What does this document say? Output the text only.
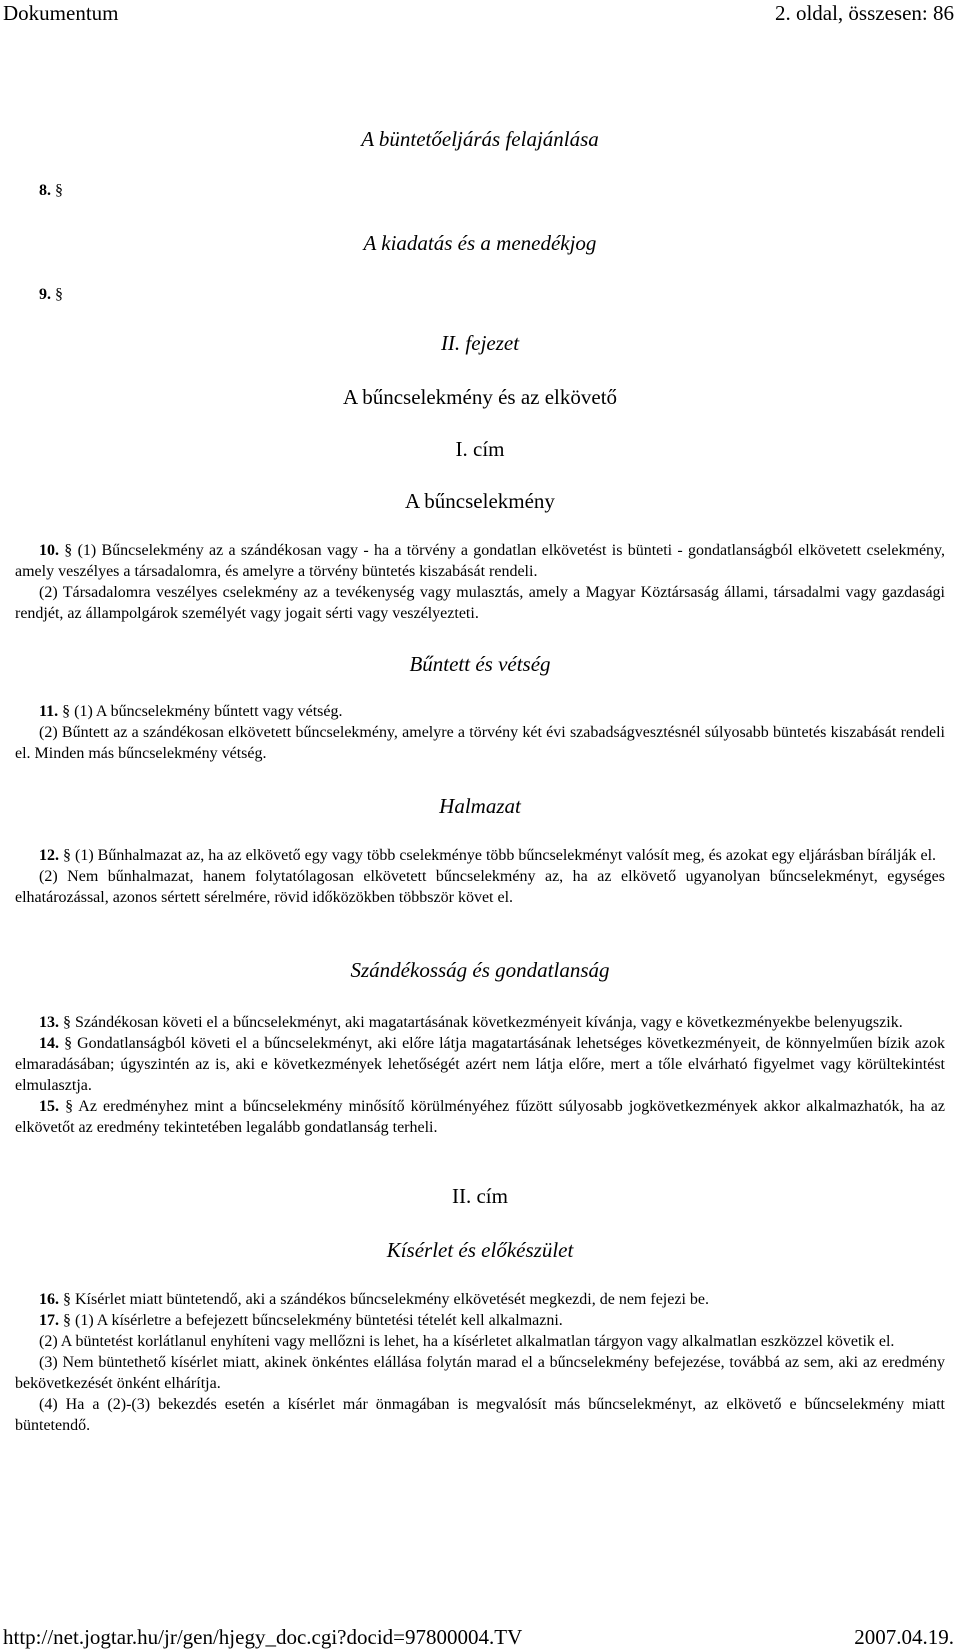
Dokumentum	2. oldal, összesen: 86
A büntetőeljárás felajánlása
8. §
A kiadatás és a menedékjog
9. §
II. fejezet
A bűncselekmény és az elkövető
I. cím
A bűncselekmény

10. § (1) Bűncselekmény az a szándékosan vagy - ha a törvény a gondatlan elkövetést is bünteti - gondatlanságból elkövetett cselekmény, amely veszélyes a társadalomra, és amelyre a törvény büntetés kiszabását rendeli.

(2) Társadalomra veszélyes cselekmény az a tevékenység vagy mulasztás, amely a Magyar Köztársaság állami, társadalmi vagy gazdasági rendjét, az állampolgárok személyét vagy jogait sérti vagy veszélyezteti.

Bűntett és vétség

11. § (1) A bűncselekmény bűntett vagy vétség.

(2) Bűntett az a szándékosan elkövetett bűncselekmény, amelyre a törvény két évi szabadságvesztésnél súlyosabb büntetés kiszabását rendeli el. Minden más bűncselekmény vétség.

Halmazat

12. § (1) Bűnhalmazat az, ha az elkövető egy vagy több cselekménye több bűncselekményt valósít meg, és azokat egy eljárásban bírálják el.

(2) Nem bűnhalmazat, hanem folytatólagosan elkövetett bűncselekmény az, ha az elkövető ugyanolyan bűncselekményt, egységes elhatározással, azonos sértett sérelmére, rövid időközökben többször követ el.

Szándékosság és gondatlanság

13. § Szándékosan követi el a bűncselekményt, aki magatartásának következményeit kívánja, vagy e következményekbe belenyugszik.

14. § Gondatlanságból követi el a bűncselekményt, aki előre látja magatartásának lehetséges következményeit, de könnyelműen bízik azok elmaradásában; úgyszintén az is, aki e következmények lehetőségét azért nem látja előre, mert a tőle elvárható figyelmet vagy körültekintést elmulasztja.

15. § Az eredményhez mint a bűncselekmény minősítő körülményéhez fűzött súlyosabb jogkövetkezmények akkor alkalmazhatók, ha az elkövetőt az eredmény tekintetében legalább gondatlanság terheli.

II. cím
Kísérlet és előkészület

16. § Kísérlet miatt büntetendő, aki a szándékos bűncselekmény elkövetését megkezdi, de nem fejezi be.

17. § (1) A kísérletre a befejezett bűncselekmény büntetési tételét kell alkalmazni.

(2) A büntetést korlátlanul enyhíteni vagy mellőzni is lehet, ha a kísérletet alkalmatlan tárgyon vagy alkalmatlan eszközzel követik el.

(3) Nem büntethető kísérlet miatt, akinek önkéntes elállása folytán marad el a bűncselekmény befejezése, továbbá az sem, aki az eredmény bekövetkezését önként elhárítja.

(4) Ha a (2)-(3) bekezdés esetén a kísérlet már önmagában is megvalósít más bűncselekményt, az elkövető e bűncselekmény miatt büntetendő.

http://net.jogtar.hu/jr/gen/hjegy_doc.cgi?docid=97800004.TV	2007.04.19.
